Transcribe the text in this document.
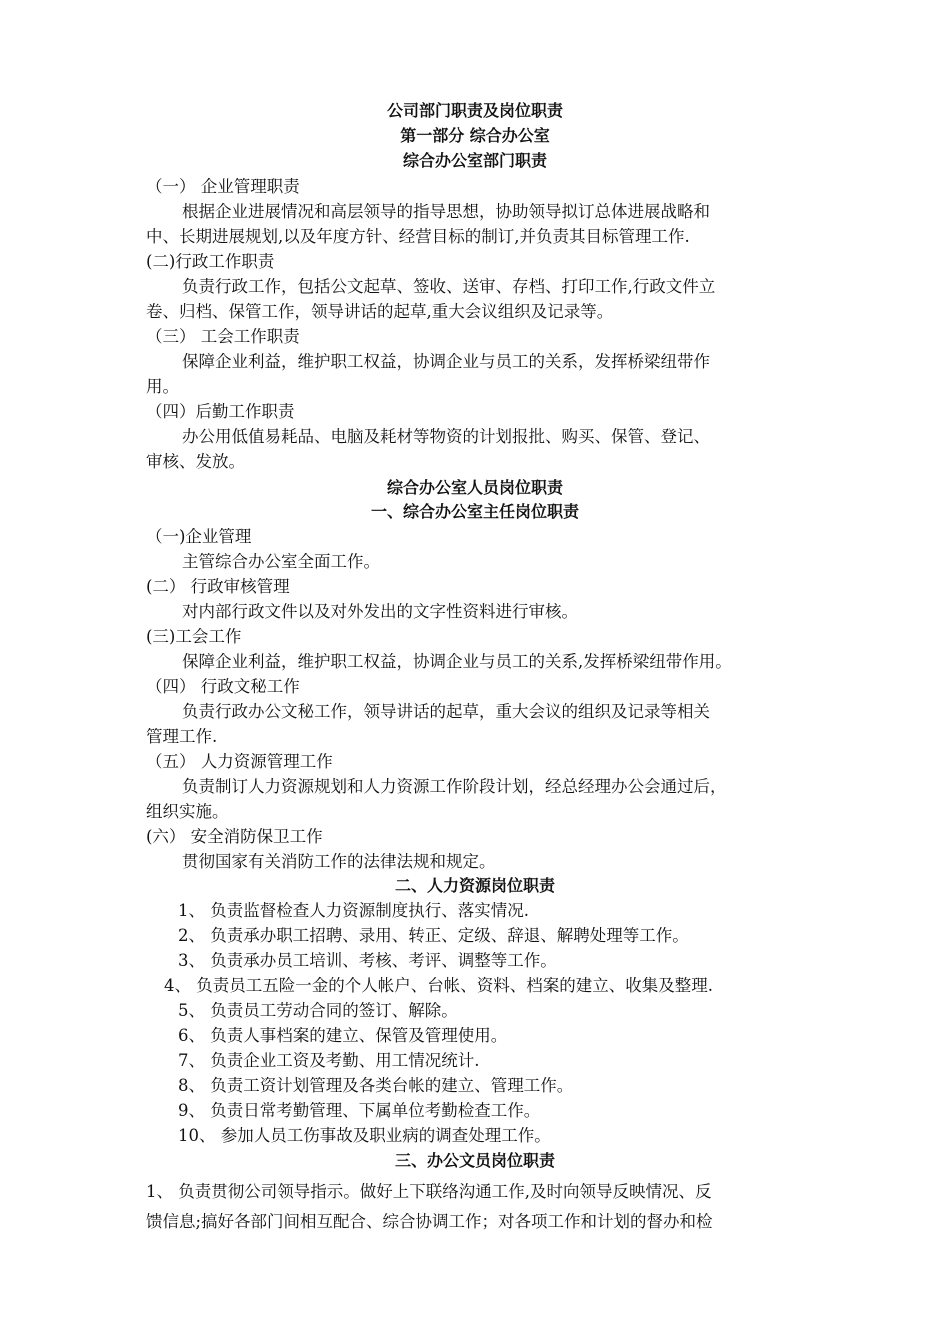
公司部门职责及岗位职责
第一部分 综合办公室
综合办公室部门职责
（一） 企业管理职责
根据企业进展情况和高层领导的指导思想，协助领导拟订总体进展战略和
中、长期进展规划,以及年度方针、经营目标的制订,并负责其目标管理工作.
(二)行政工作职责
负责行政工作，包括公文起草、签收、送审、存档、打印工作,行政文件立
卷、归档、保管工作，领导讲话的起草,重大会议组织及记录等。
（三） 工会工作职责
保障企业利益，维护职工权益，协调企业与员工的关系，发挥桥梁纽带作
用。
（四）后勤工作职责
办公用低值易耗品、电脑及耗材等物资的计划报批、购买、保管、登记、
审核、发放。
综合办公室人员岗位职责
一、综合办公室主任岗位职责
（一)企业管理
主管综合办公室全面工作。
(二） 行政审核管理
对内部行政文件以及对外发出的文字性资料进行审核。
(三)工会工作
保障企业利益，维护职工权益，协调企业与员工的关系,发挥桥梁纽带作用。
（四） 行政文秘工作
负责行政办公文秘工作，领导讲话的起草，重大会议的组织及记录等相关
管理工作.
（五） 人力资源管理工作
负责制订人力资源规划和人力资源工作阶段计划，经总经理办公会通过后，
组织实施。
(六） 安全消防保卫工作
贯彻国家有关消防工作的法律法规和规定。
二、人力资源岗位职责
1、 负责监督检查人力资源制度执行、落实情况.
2、 负责承办职工招聘、录用、转正、定级、辞退、解聘处理等工作。
3、 负责承办员工培训、考核、考评、调整等工作。
4、 负责员工五险一金的个人帐户、台帐、资料、档案的建立、收集及整理.
5、 负责员工劳动合同的签订、解除。
6、 负责人事档案的建立、保管及管理使用。
7、 负责企业工资及考勤、用工情况统计.
8、 负责工资计划管理及各类台帐的建立、管理工作。
9、 负责日常考勤管理、下属单位考勤检查工作。
10、 参加人员工伤事故及职业病的调查处理工作。
三、办公文员岗位职责
1、 负责贯彻公司领导指示。做好上下联络沟通工作,及时向领导反映情况、反
馈信息;搞好各部门间相互配合、综合协调工作；对各项工作和计划的督办和检
